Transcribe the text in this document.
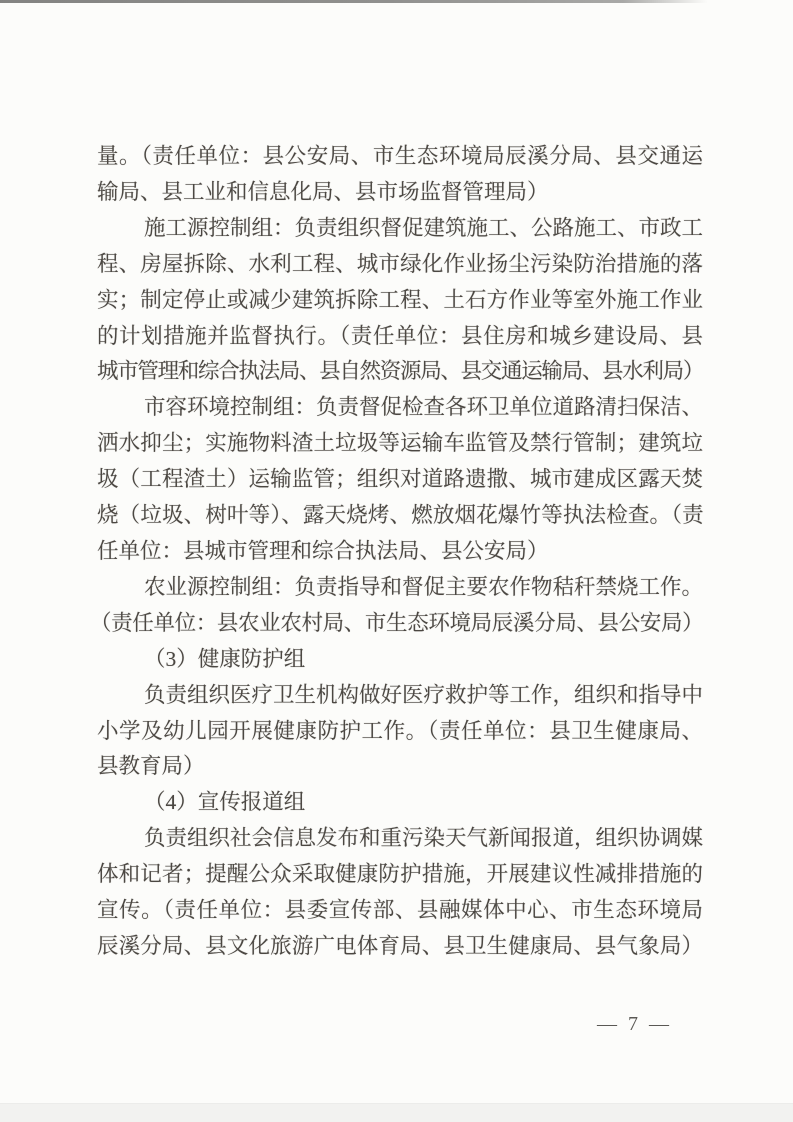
量。（责任单位：县公安局、市生态环境局辰溪分局、县交通运
输局、县工业和信息化局、县市场监督管理局）
施工源控制组：负责组织督促建筑施工、公路施工、市政工
程、房屋拆除、水利工程、城市绿化作业扬尘污染防治措施的落
实；制定停止或减少建筑拆除工程、土石方作业等室外施工作业
的计划措施并监督执行。（责任单位：县住房和城乡建设局、县
城市管理和综合执法局、县自然资源局、县交通运输局、县水利局）
市容环境控制组：负责督促检查各环卫单位道路清扫保洁、
洒水抑尘；实施物料渣土垃圾等运输车监管及禁行管制；建筑垃
圾（工程渣土）运输监管；组织对道路遗撒、城市建成区露天焚
烧（垃圾、树叶等）、露天烧烤、燃放烟花爆竹等执法检查。（责
任单位：县城市管理和综合执法局、县公安局）
农业源控制组：负责指导和督促主要农作物秸秆禁烧工作。
（责任单位：县农业农村局、市生态环境局辰溪分局、县公安局）
（3）健康防护组
负责组织医疗卫生机构做好医疗救护等工作，组织和指导中
小学及幼儿园开展健康防护工作。（责任单位：县卫生健康局、
县教育局）
（4）宣传报道组
负责组织社会信息发布和重污染天气新闻报道，组织协调媒
体和记者；提醒公众采取健康防护措施，开展建议性减排措施的
宣传。（责任单位：县委宣传部、县融媒体中心、市生态环境局
辰溪分局、县文化旅游广电体育局、县卫生健康局、县气象局）
— 7 —
